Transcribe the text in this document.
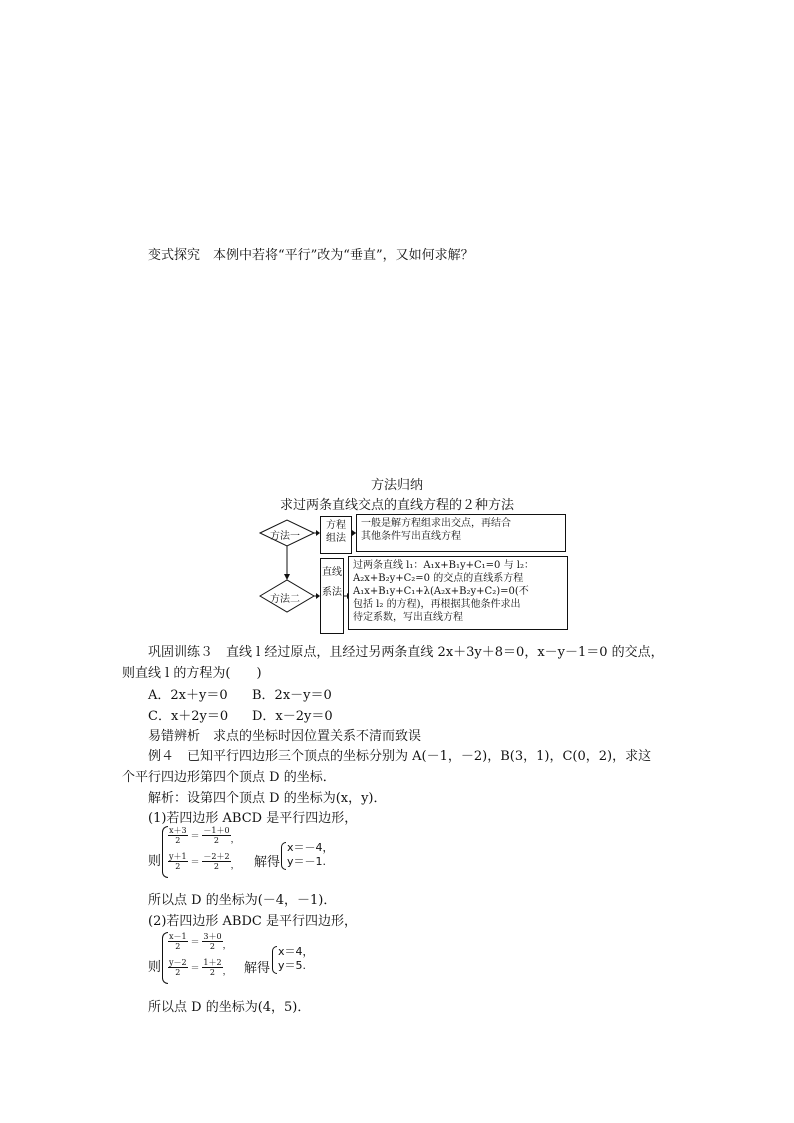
变式探究　本例中若将“平行”改为“垂直”，又如何求解？
方法归纳
求过两条直线交点的直线方程的２种方法
方法一
方法二
方程组法
一般是解方程组求出交点，再结合
其他条件写出直线方程
直线系法
过两条直线 l₁：A₁x+B₁y+C₁=0 与 l₂：
A₂x+B₂y+C₂=0 的交点的直线系方程
A₁x+B₁y+C₁+λ(A₂x+B₂y+C₂)=0(不
包括 l₂ 的方程)，再根据其他条件求出
待定系数，写出直线方程
巩固训练３　直线 l 经过原点，且经过另两条直线 2x＋3y＋8＝0，x－y－1＝0 的交点，
则直线 l 的方程为(　　)
A．2x＋y＝0 B．2x－y＝0
C．x＋2y＝0 D．x－2y＝0
易错辨析　求点的坐标时因位置关系不清而致误
例４　已知平行四边形三个顶点的坐标分别为 A(－1，－2)，B(3，1)，C(0，2)，求这
个平行四边形第四个顶点 D 的坐标．
解析：设第四个顶点 D 的坐标为(x，y)．
(1)若四边形 ABCD 是平行四边形，
则
$\frac{x+3}{2} = \frac{-1+0}{2}$ ，
$\frac{y+1}{2} = \frac{-2+2}{2}$ ， 解得
x＝－4，
y＝－1.
所以点 D 的坐标为(－4，－1)．
(2)若四边形 ABDC 是平行四边形，
则
$\frac{x-1}{2} = \frac{3+0}{2}$ ，
$\frac{y-2}{2} = \frac{1+2}{2}$ ， 解得
x＝4，
y＝5.
所以点 D 的坐标为(4，5)．
